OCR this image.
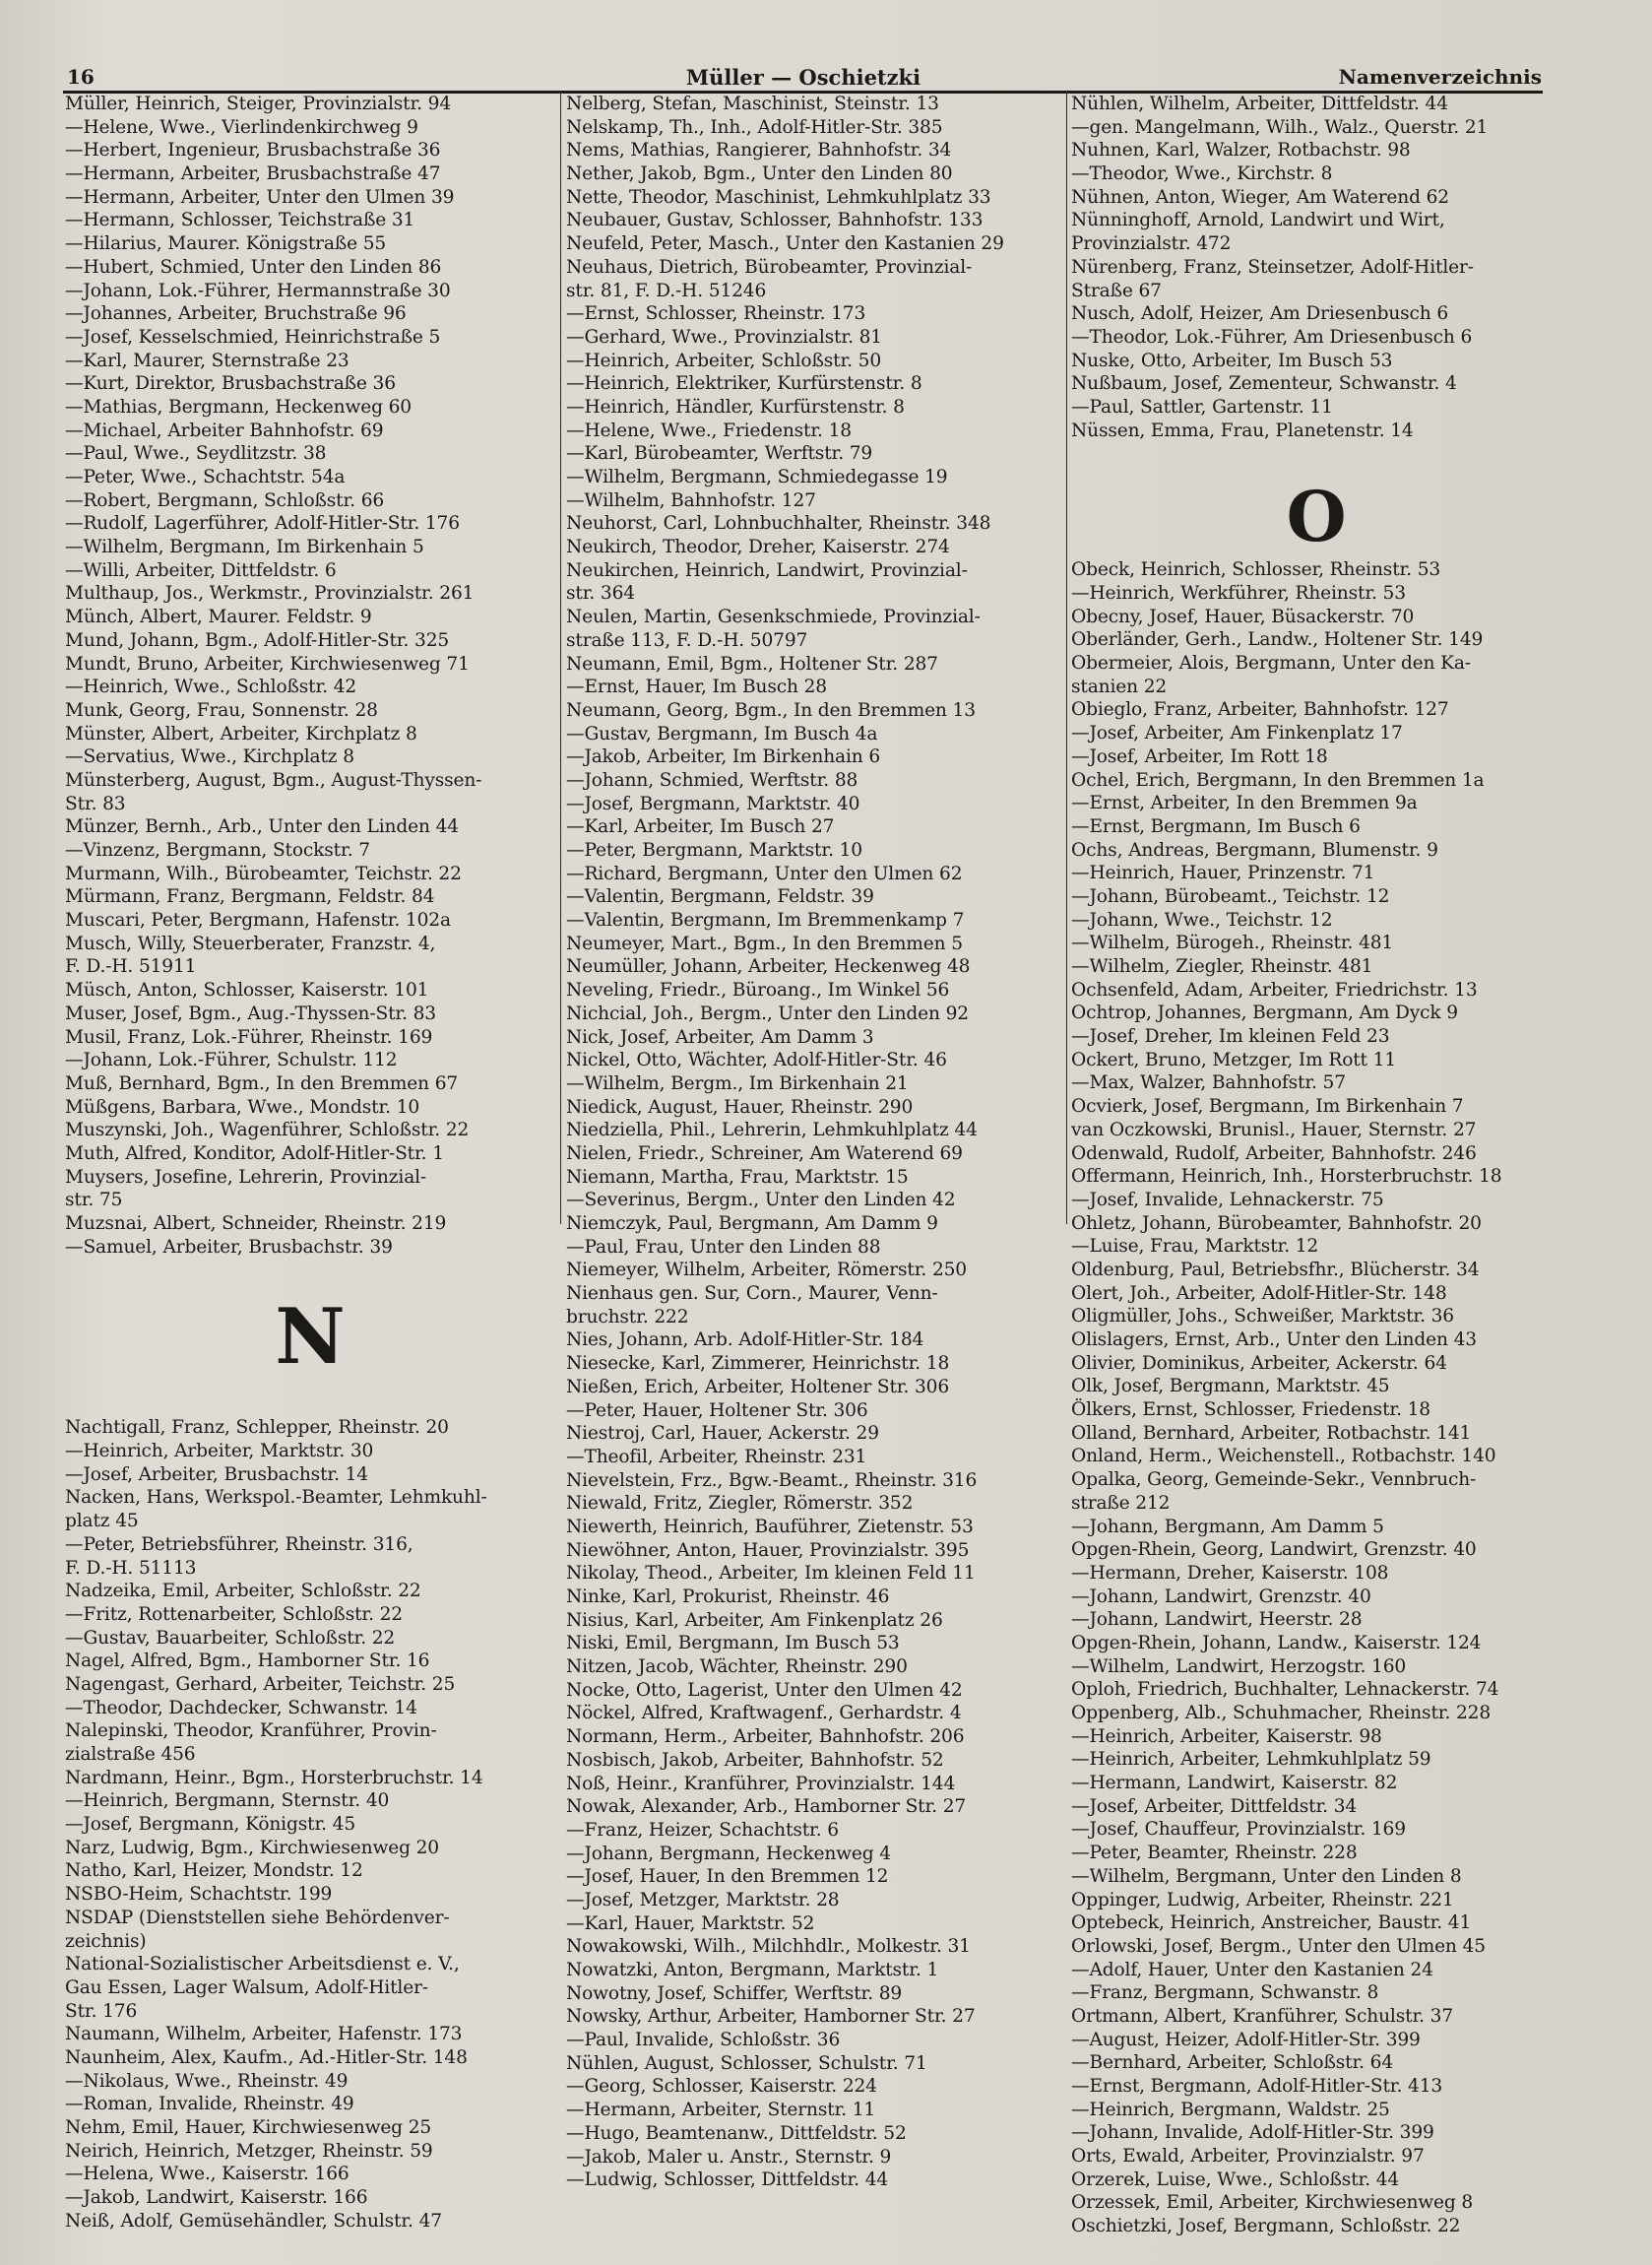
16	Müller — Oschietzki	Namenverzeichnis
Müller, Heinrich, Steiger, Provinzialstr. 94
—Helene, Wwe., Vierlindenkirchweg 9
—Herbert, Ingenieur, Brusbachstraße 36
—Hermann, Arbeiter, Brusbachstraße 47
—Hermann, Arbeiter, Unter den Ulmen 39
—Hermann, Schlosser, Teichstraße 31
—Hilarius, Maurer. Königstraße 55
—Hubert, Schmied, Unter den Linden 86
—Johann, Lok.-Führer, Hermannstraße 30
—Johannes, Arbeiter, Bruchstraße 96
—Josef, Kesselschmied, Heinrichstraße 5
—Karl, Maurer, Sternstraße 23
—Kurt, Direktor, Brusbachstraße 36
—Mathias, Bergmann, Heckenweg 60
—Michael, Arbeiter Bahnhofstr. 69
—Paul, Wwe., Seydlitzstr. 38
—Peter, Wwe., Schachtstr. 54a
—Robert, Bergmann, Schloßstr. 66
—Rudolf, Lagerführer, Adolf-Hitler-Str. 176
—Wilhelm, Bergmann, Im Birkenhain 5
—Willi, Arbeiter, Dittfeldstr. 6
Multhaup, Jos., Werkmstr., Provinzialstr. 261
Münch, Albert, Maurer. Feldstr. 9
Mund, Johann, Bgm., Adolf-Hitler-Str. 325
Mundt, Bruno, Arbeiter, Kirchwiesenweg 71
—Heinrich, Wwe., Schloßstr. 42
Munk, Georg, Frau, Sonnenstr. 28
Münster, Albert, Arbeiter, Kirchplatz 8
—Servatius, Wwe., Kirchplatz 8
Münsterberg, August, Bgm., August-Thyssen-
Str. 83
Münzer, Bernh., Arb., Unter den Linden 44
—Vinzenz, Bergmann, Stockstr. 7
Murmann, Wilh., Bürobeamter, Teichstr. 22
Mürmann, Franz, Bergmann, Feldstr. 84
Muscari, Peter, Bergmann, Hafenstr. 102a
Musch, Willy, Steuerberater, Franzstr. 4,
F. D.-H. 51911
Müsch, Anton, Schlosser, Kaiserstr. 101
Muser, Josef, Bgm., Aug.-Thyssen-Str. 83
Musil, Franz, Lok.-Führer, Rheinstr. 169
—Johann, Lok.-Führer, Schulstr. 112
Muß, Bernhard, Bgm., In den Bremmen 67
Müßgens, Barbara, Wwe., Mondstr. 10
Muszynski, Joh., Wagenführer, Schloßstr. 22
Muth, Alfred, Konditor, Adolf-Hitler-Str. 1
Muysers, Josefine, Lehrerin, Provinzial-
str. 75
Muzsnai, Albert, Schneider, Rheinstr. 219
—Samuel, Arbeiter, Brusbachstr. 39
N
Nachtigall, Franz, Schlepper, Rheinstr. 20
—Heinrich, Arbeiter, Marktstr. 30
—Josef, Arbeiter, Brusbachstr. 14
Nacken, Hans, Werkspol.-Beamter, Lehmkuhl-
platz 45
—Peter, Betriebsführer, Rheinstr. 316,
F. D.-H. 51113
Nadzeika, Emil, Arbeiter, Schloßstr. 22
—Fritz, Rottenarbeiter, Schloßstr. 22
—Gustav, Bauarbeiter, Schloßstr. 22
Nagel, Alfred, Bgm., Hamborner Str. 16
Nagengast, Gerhard, Arbeiter, Teichstr. 25
—Theodor, Dachdecker, Schwanstr. 14
Nalepinski, Theodor, Kranführer, Provin-
zialstraße 456
Nardmann, Heinr., Bgm., Horsterbruchstr. 14
—Heinrich, Bergmann, Sternstr. 40
—Josef, Bergmann, Königstr. 45
Narz, Ludwig, Bgm., Kirchwiesenweg 20
Natho, Karl, Heizer, Mondstr. 12
NSBO-Heim, Schachtstr. 199
NSDAP (Dienststellen siehe Behördenver-
zeichnis)
National-Sozialistischer Arbeitsdienst e. V.,
Gau Essen, Lager Walsum, Adolf-Hitler-
Str. 176
Naumann, Wilhelm, Arbeiter, Hafenstr. 173
Naunheim, Alex, Kaufm., Ad.-Hitler-Str. 148
—Nikolaus, Wwe., Rheinstr. 49
—Roman, Invalide, Rheinstr. 49
Nehm, Emil, Hauer, Kirchwiesenweg 25
Neirich, Heinrich, Metzger, Rheinstr. 59
—Helena, Wwe., Kaiserstr. 166
—Jakob, Landwirt, Kaiserstr. 166
Neiß, Adolf, Gemüsehändler, Schulstr. 47
Nelberg, Stefan, Maschinist, Steinstr. 13
Nelskamp, Th., Inh., Adolf-Hitler-Str. 385
Nems, Mathias, Rangierer, Bahnhofstr. 34
Nether, Jakob, Bgm., Unter den Linden 80
Nette, Theodor, Maschinist, Lehmkuhlplatz 33
Neubauer, Gustav, Schlosser, Bahnhofstr. 133
Neufeld, Peter, Masch., Unter den Kastanien 29
Neuhaus, Dietrich, Bürobeamter, Provinzial-
str. 81, F. D.-H. 51246
—Ernst, Schlosser, Rheinstr. 173
—Gerhard, Wwe., Provinzialstr. 81
—Heinrich, Arbeiter, Schloßstr. 50
—Heinrich, Elektriker, Kurfürstenstr. 8
—Heinrich, Händler, Kurfürstenstr. 8
—Helene, Wwe., Friedenstr. 18
—Karl, Bürobeamter, Werftstr. 79
—Wilhelm, Bergmann, Schmiedegasse 19
—Wilhelm, Bahnhofstr. 127
Neuhorst, Carl, Lohnbuchhalter, Rheinstr. 348
Neukirch, Theodor, Dreher, Kaiserstr. 274
Neukirchen, Heinrich, Landwirt, Provinzial-
str. 364
Neulen, Martin, Gesenkschmiede, Provinzial-
straße 113, F. D.-H. 50797
Neumann, Emil, Bgm., Holtener Str. 287
—Ernst, Hauer, Im Busch 28
Neumann, Georg, Bgm., In den Bremmen 13
—Gustav, Bergmann, Im Busch 4a
—Jakob, Arbeiter, Im Birkenhain 6
—Johann, Schmied, Werftstr. 88
—Josef, Bergmann, Marktstr. 40
—Karl, Arbeiter, Im Busch 27
—Peter, Bergmann, Marktstr. 10
—Richard, Bergmann, Unter den Ulmen 62
—Valentin, Bergmann, Feldstr. 39
—Valentin, Bergmann, Im Bremmenkamp 7
Neumeyer, Mart., Bgm., In den Bremmen 5
Neumüller, Johann, Arbeiter, Heckenweg 48
Neveling, Friedr., Büroang., Im Winkel 56
Nichcial, Joh., Bergm., Unter den Linden 92
Nick, Josef, Arbeiter, Am Damm 3
Nickel, Otto, Wächter, Adolf-Hitler-Str. 46
—Wilhelm, Bergm., Im Birkenhain 21
Niedick, August, Hauer, Rheinstr. 290
Niedziella, Phil., Lehrerin, Lehmkuhlplatz 44
Nielen, Friedr., Schreiner, Am Waterend 69
Niemann, Martha, Frau, Marktstr. 15
—Severinus, Bergm., Unter den Linden 42
Niemczyk, Paul, Bergmann, Am Damm 9
—Paul, Frau, Unter den Linden 88
Niemeyer, Wilhelm, Arbeiter, Römerstr. 250
Nienhaus gen. Sur, Corn., Maurer, Venn-
bruchstr. 222
Nies, Johann, Arb. Adolf-Hitler-Str. 184
Niesecke, Karl, Zimmerer, Heinrichstr. 18
Nießen, Erich, Arbeiter, Holtener Str. 306
—Peter, Hauer, Holtener Str. 306
Niestroj, Carl, Hauer, Ackerstr. 29
—Theofil, Arbeiter, Rheinstr. 231
Nievelstein, Frz., Bgw.-Beamt., Rheinstr. 316
Niewald, Fritz, Ziegler, Römerstr. 352
Niewerth, Heinrich, Bauführer, Zietenstr. 53
Niewöhner, Anton, Hauer, Provinzialstr. 395
Nikolay, Theod., Arbeiter, Im kleinen Feld 11
Ninke, Karl, Prokurist, Rheinstr. 46
Nisius, Karl, Arbeiter, Am Finkenplatz 26
Niski, Emil, Bergmann, Im Busch 53
Nitzen, Jacob, Wächter, Rheinstr. 290
Nocke, Otto, Lagerist, Unter den Ulmen 42
Nöckel, Alfred, Kraftwagenf., Gerhardstr. 4
Normann, Herm., Arbeiter, Bahnhofstr. 206
Nosbisch, Jakob, Arbeiter, Bahnhofstr. 52
Noß, Heinr., Kranführer, Provinzialstr. 144
Nowak, Alexander, Arb., Hamborner Str. 27
—Franz, Heizer, Schachtstr. 6
—Johann, Bergmann, Heckenweg 4
—Josef, Hauer, In den Bremmen 12
—Josef, Metzger, Marktstr. 28
—Karl, Hauer, Marktstr. 52
Nowakowski, Wilh., Milchhdlr., Molkestr. 31
Nowatzki, Anton, Bergmann, Marktstr. 1
Nowotny, Josef, Schiffer, Werftstr. 89
Nowsky, Arthur, Arbeiter, Hamborner Str. 27
—Paul, Invalide, Schloßstr. 36
Nühlen, August, Schlosser, Schulstr. 71
—Georg, Schlosser, Kaiserstr. 224
—Hermann, Arbeiter, Sternstr. 11
—Hugo, Beamtenanw., Dittfeldstr. 52
—Jakob, Maler u. Anstr., Sternstr. 9
—Ludwig, Schlosser, Dittfeldstr. 44
Nühlen, Wilhelm, Arbeiter, Dittfeldstr. 44
—gen. Mangelmann, Wilh., Walz., Querstr. 21
Nuhnen, Karl, Walzer, Rotbachstr. 98
—Theodor, Wwe., Kirchstr. 8
Nühnen, Anton, Wieger, Am Waterend 62
Nünninghoff, Arnold, Landwirt und Wirt,
Provinzialstr. 472
Nürenberg, Franz, Steinsetzer, Adolf-Hitler-
Straße 67
Nusch, Adolf, Heizer, Am Driesenbusch 6
—Theodor, Lok.-Führer, Am Driesenbusch 6
Nuske, Otto, Arbeiter, Im Busch 53
Nußbaum, Josef, Zementeur, Schwanstr. 4
—Paul, Sattler, Gartenstr. 11
Nüssen, Emma, Frau, Planetenstr. 14
O
Obeck, Heinrich, Schlosser, Rheinstr. 53
—Heinrich, Werkführer, Rheinstr. 53
Obecny, Josef, Hauer, Büsackerstr. 70
Oberländer, Gerh., Landw., Holtener Str. 149
Obermeier, Alois, Bergmann, Unter den Ka-
stanien 22
Obieglo, Franz, Arbeiter, Bahnhofstr. 127
—Josef, Arbeiter, Am Finkenplatz 17
—Josef, Arbeiter, Im Rott 18
Ochel, Erich, Bergmann, In den Bremmen 1a
—Ernst, Arbeiter, In den Bremmen 9a
—Ernst, Bergmann, Im Busch 6
Ochs, Andreas, Bergmann, Blumenstr. 9
—Heinrich, Hauer, Prinzenstr. 71
—Johann, Bürobeamt., Teichstr. 12
—Johann, Wwe., Teichstr. 12
—Wilhelm, Bürogeh., Rheinstr. 481
—Wilhelm, Ziegler, Rheinstr. 481
Ochsenfeld, Adam, Arbeiter, Friedrichstr. 13
Ochtrop, Johannes, Bergmann, Am Dyck 9
—Josef, Dreher, Im kleinen Feld 23
Ockert, Bruno, Metzger, Im Rott 11
—Max, Walzer, Bahnhofstr. 57
Ocvierk, Josef, Bergmann, Im Birkenhain 7
van Oczkowski, Brunisl., Hauer, Sternstr. 27
Odenwald, Rudolf, Arbeiter, Bahnhofstr. 246
Offermann, Heinrich, Inh., Horsterbruchstr. 18
—Josef, Invalide, Lehnackerstr. 75
Ohletz, Johann, Bürobeamter, Bahnhofstr. 20
—Luise, Frau, Marktstr. 12
Oldenburg, Paul, Betriebsfhr., Blücherstr. 34
Olert, Joh., Arbeiter, Adolf-Hitler-Str. 148
Oligmüller, Johs., Schweißer, Marktstr. 36
Olislagers, Ernst, Arb., Unter den Linden 43
Olivier, Dominikus, Arbeiter, Ackerstr. 64
Olk, Josef, Bergmann, Marktstr. 45
Ölkers, Ernst, Schlosser, Friedenstr. 18
Olland, Bernhard, Arbeiter, Rotbachstr. 141
Onland, Herm., Weichenstell., Rotbachstr. 140
Opalka, Georg, Gemeinde-Sekr., Vennbruch-
straße 212
—Johann, Bergmann, Am Damm 5
Opgen-Rhein, Georg, Landwirt, Grenzstr. 40
—Hermann, Dreher, Kaiserstr. 108
—Johann, Landwirt, Grenzstr. 40
—Johann, Landwirt, Heerstr. 28
Opgen-Rhein, Johann, Landw., Kaiserstr. 124
—Wilhelm, Landwirt, Herzogstr. 160
Oploh, Friedrich, Buchhalter, Lehnackerstr. 74
Oppenberg, Alb., Schuhmacher, Rheinstr. 228
—Heinrich, Arbeiter, Kaiserstr. 98
—Heinrich, Arbeiter, Lehmkuhlplatz 59
—Hermann, Landwirt, Kaiserstr. 82
—Josef, Arbeiter, Dittfeldstr. 34
—Josef, Chauffeur, Provinzialstr. 169
—Peter, Beamter, Rheinstr. 228
—Wilhelm, Bergmann, Unter den Linden 8
Oppinger, Ludwig, Arbeiter, Rheinstr. 221
Optebeck, Heinrich, Anstreicher, Baustr. 41
Orlowski, Josef, Bergm., Unter den Ulmen 45
—Adolf, Hauer, Unter den Kastanien 24
—Franz, Bergmann, Schwanstr. 8
Ortmann, Albert, Kranführer, Schulstr. 37
—August, Heizer, Adolf-Hitler-Str. 399
—Bernhard, Arbeiter, Schloßstr. 64
—Ernst, Bergmann, Adolf-Hitler-Str. 413
—Heinrich, Bergmann, Waldstr. 25
—Johann, Invalide, Adolf-Hitler-Str. 399
Orts, Ewald, Arbeiter, Provinzialstr. 97
Orzerek, Luise, Wwe., Schloßstr. 44
Orzessek, Emil, Arbeiter, Kirchwiesenweg 8
Oschietzki, Josef, Bergmann, Schloßstr. 22
